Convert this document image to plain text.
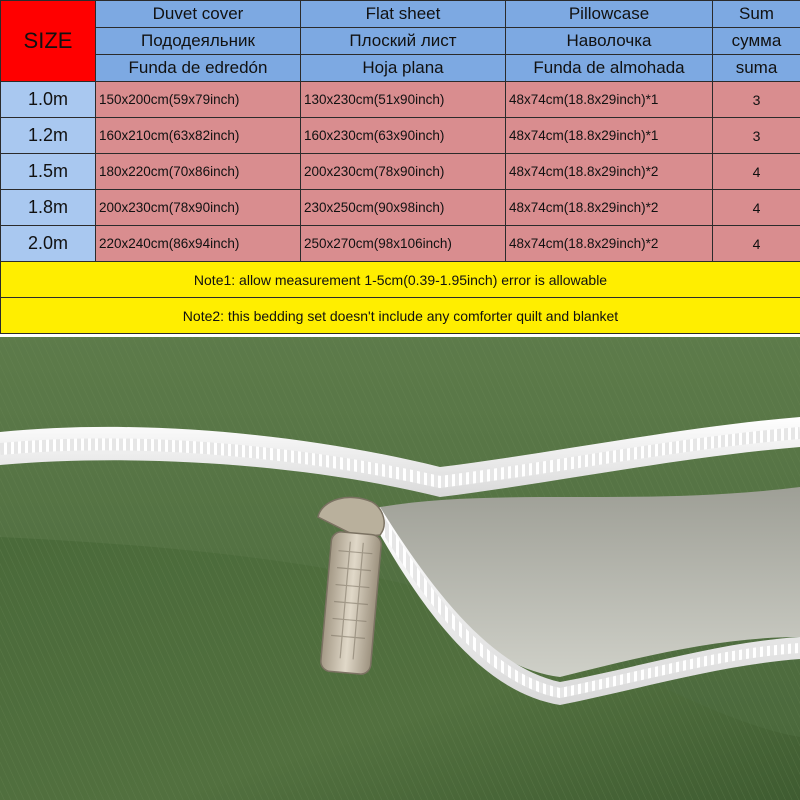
SIZE	Duvet cover	Flat sheet	Pillowcase	Sum
	Пододеяльник	Плоский лист	Наволочка	сумма
	Funda de edredón	Hoja plana	Funda de almohada	suma
1.0m	150x200cm(59x79inch)	130x230cm(51x90inch)	48x74cm(18.8x29inch)*1	3
1.2m	160x210cm(63x82inch)	160x230cm(63x90inch)	48x74cm(18.8x29inch)*1	3
1.5m	180x220cm(70x86inch)	200x230cm(78x90inch)	48x74cm(18.8x29inch)*2	4
1.8m	200x230cm(78x90inch)	230x250cm(90x98inch)	48x74cm(18.8x29inch)*2	4
2.0m	220x240cm(86x94inch)	250x270cm(98x106inch)	48x74cm(18.8x29inch)*2	4
Note1: allow measurement 1-5cm(0.39-1.95inch) error is allowable				
Note2: this bedding set doesn't include any comforter quilt and blanket				
